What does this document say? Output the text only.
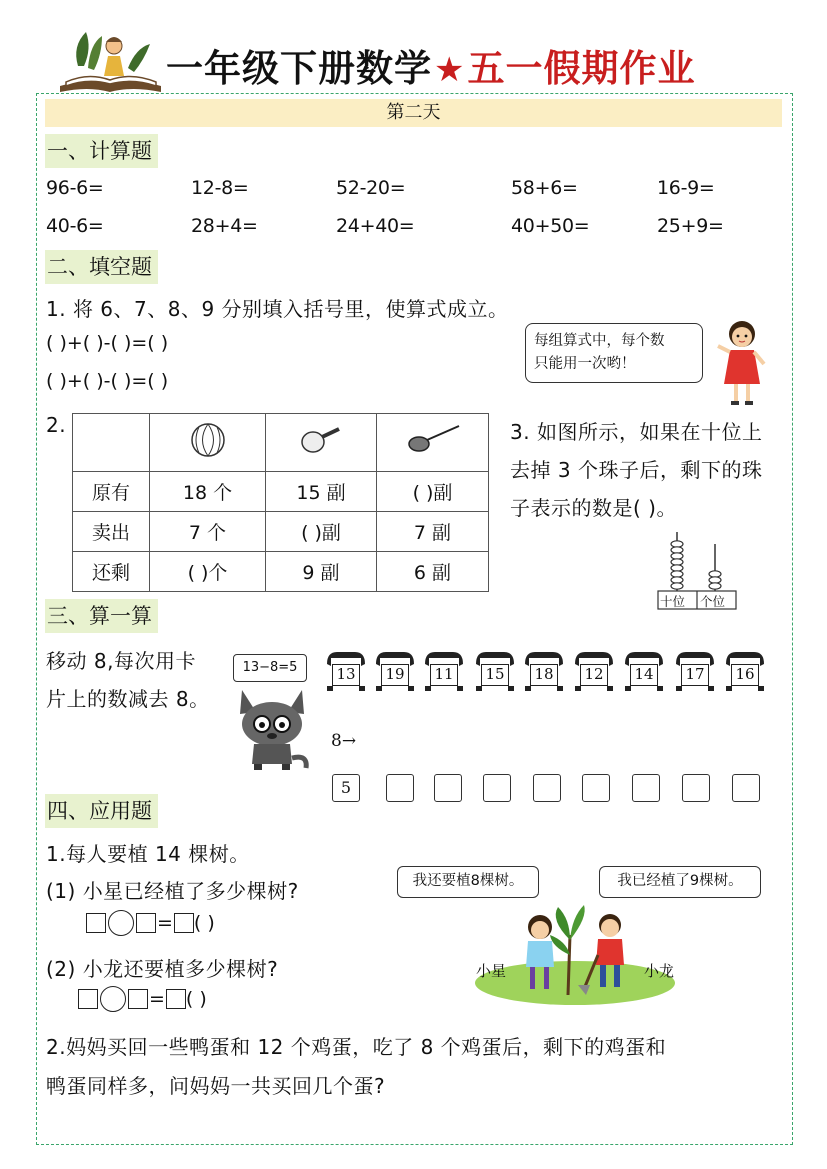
一年级下册数学★五一假期作业
第二天
一、计算题
96-6=	12-8=	52-20=	58+6=	16-9=
40-6=	28+4=	24+40=	40+50=	25+9=
二、填空题
1. 将 6、7、8、9 分别填入括号里，使算式成立。
( )+( )-( )=( )
( )+( )-( )=( )
每组算式中，每个数
只能用一次哟！
2.

原有	18 个	15 副	( )副
卖出	7 个	( )副	7 副
还剩	( )个	9 副	6 副
3. 如图所示，如果在十位上去掉 3 个珠子后，剩下的珠子表示的数是( )。
十位 个位
三、算一算
移动 8,每次用卡
片上的数减去 8。
13−8=5	13 19 11 15 18 12 14 17 16
8→
5
四、应用题
1.每人要植 14 棵树。
(1) 小星已经植了多少棵树?
= ( )
(2) 小龙还要植多少棵树?
= ( )
我还要植8棵树。	我已经植了9棵树。
小星	小龙
2.妈妈买回一些鸭蛋和 12 个鸡蛋，吃了 8 个鸡蛋后，剩下的鸡蛋和
鸭蛋同样多，问妈妈一共买回几个蛋?
